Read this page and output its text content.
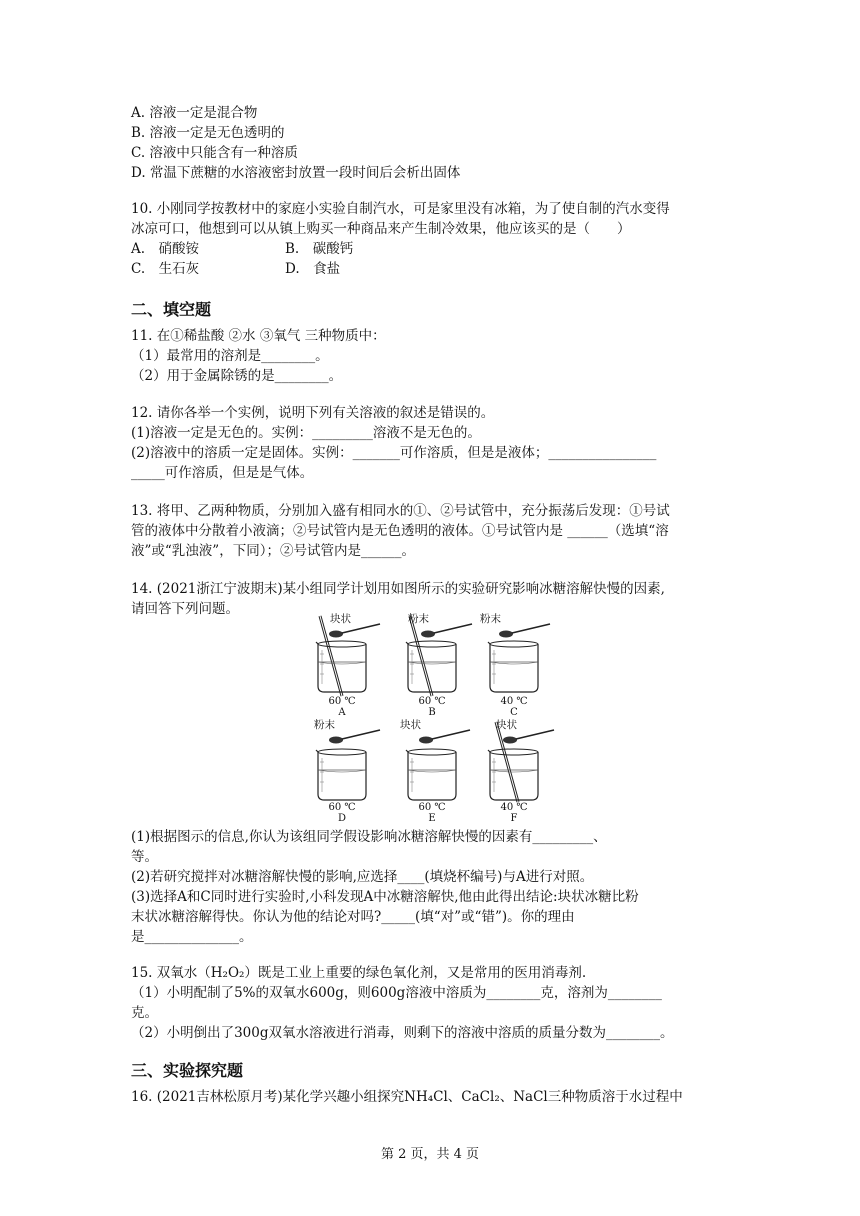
A. 溶液一定是混合物
B. 溶液一定是无色透明的
C. 溶液中只能含有一种溶质
D. 常温下蔗糖的水溶液密封放置一段时间后会析出固体
10. 小刚同学按教材中的家庭小实验自制汽水，可是家里没有冰箱，为了使自制的汽水变得
冰凉可口，他想到可以从镇上购买一种商品来产生制冷效果，他应该买的是（　　）
A.　硝酸铵	B.　碳酸钙
C.　生石灰	D.　食盐
二、填空题
11. 在①稀盐酸 ②水 ③氧气 三种物质中：
（1）最常用的溶剂是________。
（2）用于金属除锈的是________。
12. 请你各举一个实例，说明下列有关溶液的叙述是错误的。
(1)溶液一定是无色的。实例：_________溶液不是无色的。
(2)溶液中的溶质一定是固体。实例：_______可作溶质，但是是液体；________________
_____可作溶质，但是是气体。
13. 将甲、乙两种物质，分别加入盛有相同水的①、②号试管中，充分振荡后发现：①号试
管的液体中分散着小液滴；②号试管内是无色透明的液体。①号试管内是 ______（选填“溶
液”或“乳浊液”，下同）；②号试管内是______。
14. (2021浙江宁波期末)某小组同学计划用如图所示的实验研究影响冰糖溶解快慢的因素,
请回答下列问题。
块状	粉末	粉末
60 ℃
A
60 ℃
B
40 ℃
C
粉末	块状	块状
60 ℃
D
60 ℃
E
40 ℃
F
(1)根据图示的信息,你认为该组同学假设影响冰糖溶解快慢的因素有_________、
等。
(2)若研究搅拌对冰糖溶解快慢的影响,应选择____(填烧杯编号)与A进行对照。
(3)选择A和C同时进行实验时,小科发现A中冰糖溶解快,他由此得出结论:块状冰糖比粉
末状冰糖溶解得快。你认为他的结论对吗?_____(填“对”或“错”)。你的理由
是______________。
15. 双氧水（H₂O₂）既是工业上重要的绿色氧化剂，又是常用的医用消毒剂.
（1）小明配制了5%的双氧水600g，则600g溶液中溶质为________克，溶剂为________
克。
（2）小明倒出了300g双氧水溶液进行消毒，则剩下的溶液中溶质的质量分数为________。
三、实验探究题
16. (2021吉林松原月考)某化学兴趣小组探究NH₄Cl、CaCl₂、NaCl三种物质溶于水过程中
第 2 页，共 4 页
